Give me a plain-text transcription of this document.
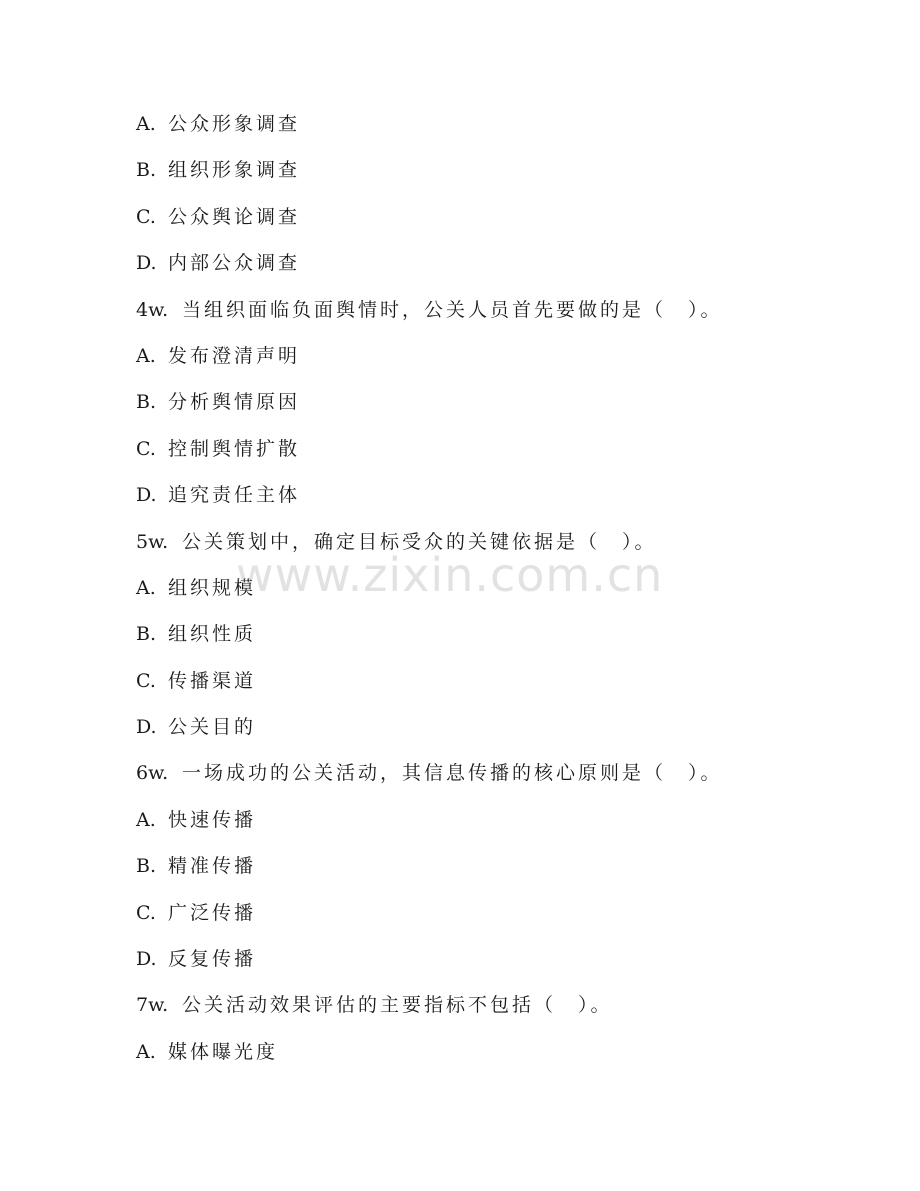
A. 公众形象调查
B. 组织形象调查
C. 公众舆论调查
D. 内部公众调查
4w. 当组织面临负面舆情时，公关人员首先要做的是（　）。
A. 发布澄清声明
B. 分析舆情原因
C. 控制舆情扩散
D. 追究责任主体
5w. 公关策划中，确定目标受众的关键依据是（　）。
A. 组织规模
B. 组织性质
C. 传播渠道
D. 公关目的
6w. 一场成功的公关活动，其信息传播的核心原则是（　）。
A. 快速传播
B. 精准传播
C. 广泛传播
D. 反复传播
7w. 公关活动效果评估的主要指标不包括（　）。
A. 媒体曝光度
www.zixin.com.cn
